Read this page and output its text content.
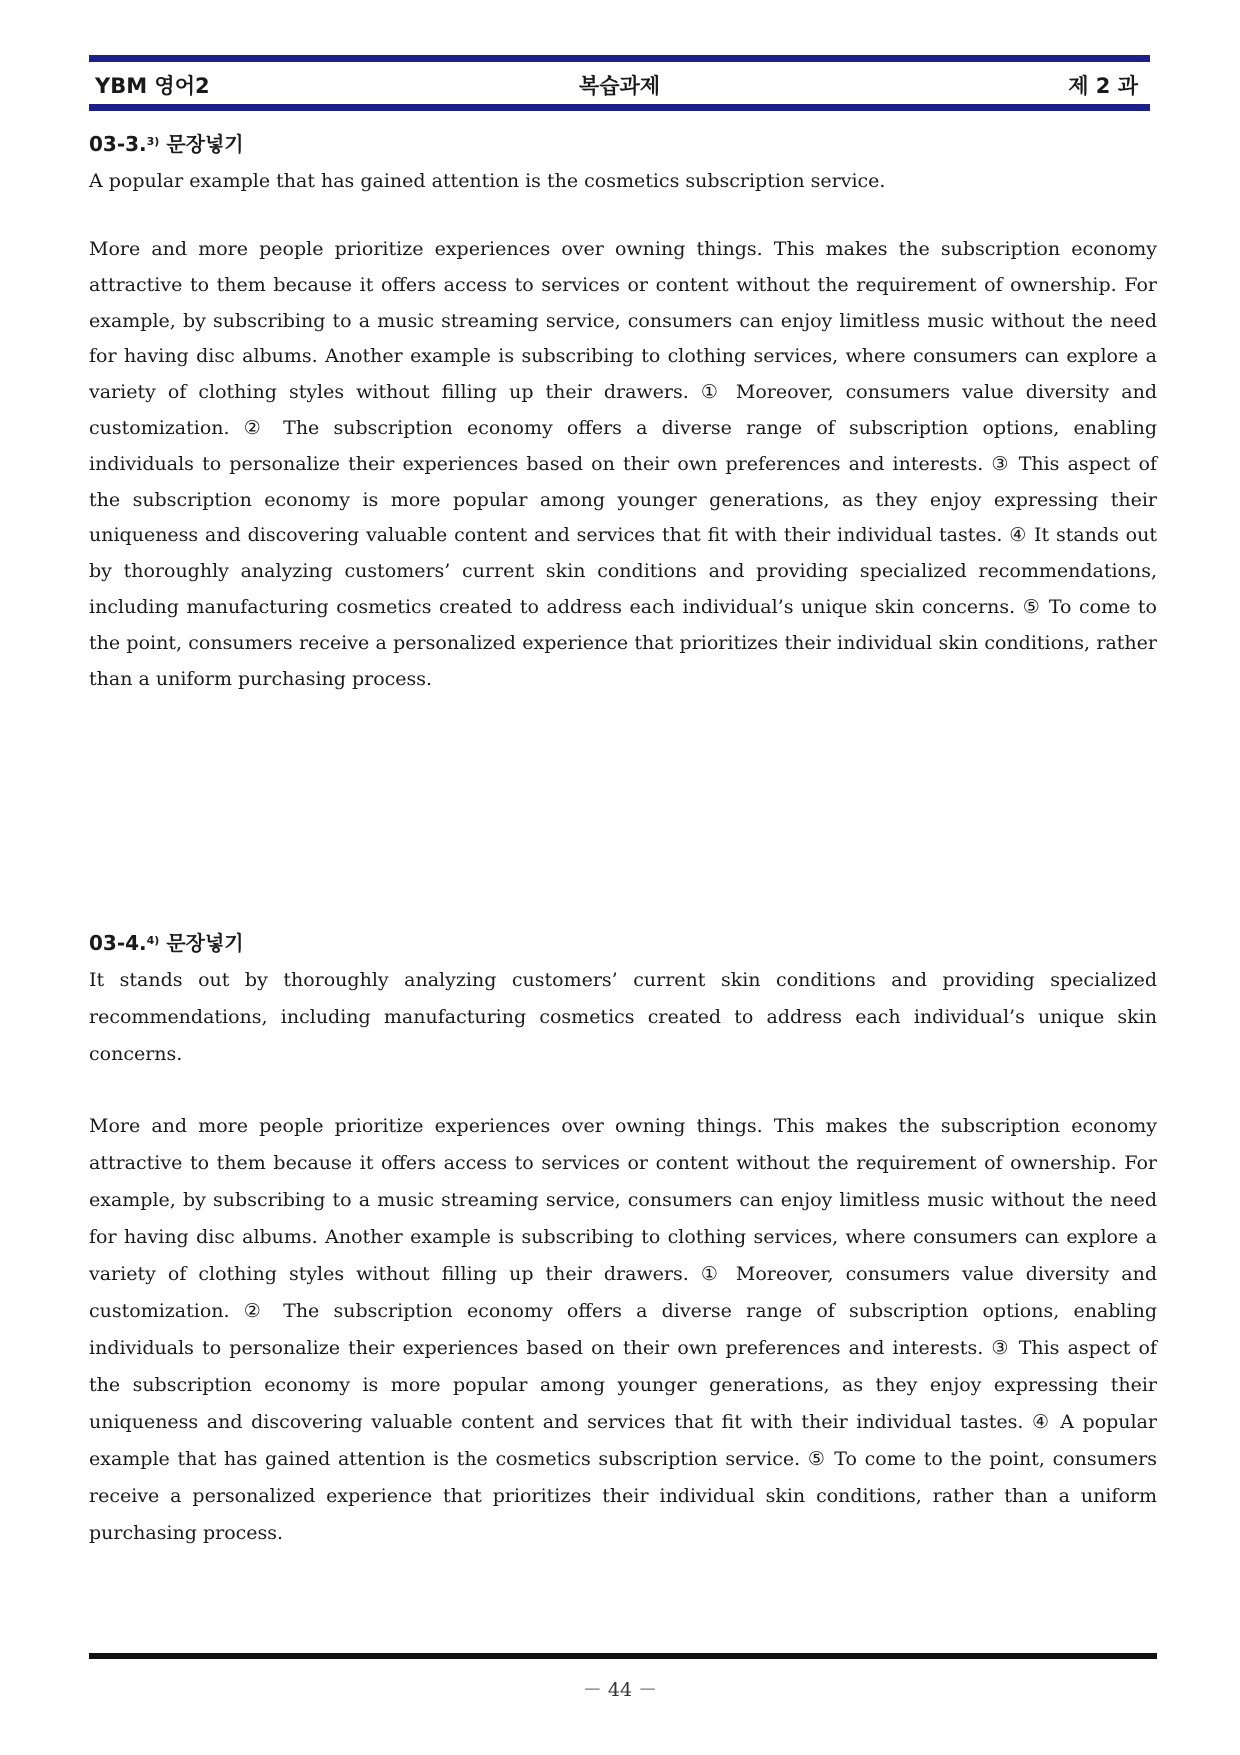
YBM 영어2	복습과제	제 2 과
03-3.$^{3)}$ 문장넣기

A popular example that has gained attention is the cosmetics subscription service.

More and more people prioritize experiences over owning things. This makes the subscription economy attractive to them because it offers access to services or content without the requirement of ownership. For example, by subscribing to a music streaming service, consumers can enjoy limitless music without the need for having disc albums. Another example is subscribing to clothing services, where consumers can explore a variety of clothing styles without filling up their drawers. ① Moreover, consumers value diversity and customization. ② The subscription economy offers a diverse range of subscription options, enabling individuals to personalize their experiences based on their own preferences and interests. ③ This aspect of the subscription economy is more popular among younger generations, as they enjoy expressing their uniqueness and discovering valuable content and services that fit with their individual tastes. ④ It stands out by thoroughly analyzing customers’ current skin conditions and providing specialized recommendations, including manufacturing cosmetics created to address each individual’s unique skin concerns. ⑤ To come to the point, consumers receive a personalized experience that prioritizes their individual skin conditions, rather than a uniform purchasing process.

03-4.$^{4)}$ 문장넣기

It stands out by thoroughly analyzing customers’ current skin conditions and providing specialized recommendations, including manufacturing cosmetics created to address each individual’s unique skin concerns.

More and more people prioritize experiences over owning things. This makes the subscription economy attractive to them because it offers access to services or content without the requirement of ownership. For example, by subscribing to a music streaming service, consumers can enjoy limitless music without the need for having disc albums. Another example is subscribing to clothing services, where consumers can explore a variety of clothing styles without filling up their drawers. ① Moreover, consumers value diversity and customization. ② The subscription economy offers a diverse range of subscription options, enabling individuals to personalize their experiences based on their own preferences and interests. ③ This aspect of the subscription economy is more popular among younger generations, as they enjoy expressing their uniqueness and discovering valuable content and services that fit with their individual tastes. ④ A popular example that has gained attention is the cosmetics subscription service. ⑤ To come to the point, consumers receive a personalized experience that prioritizes their individual skin conditions, rather than a uniform purchasing process.

－ 44 －
